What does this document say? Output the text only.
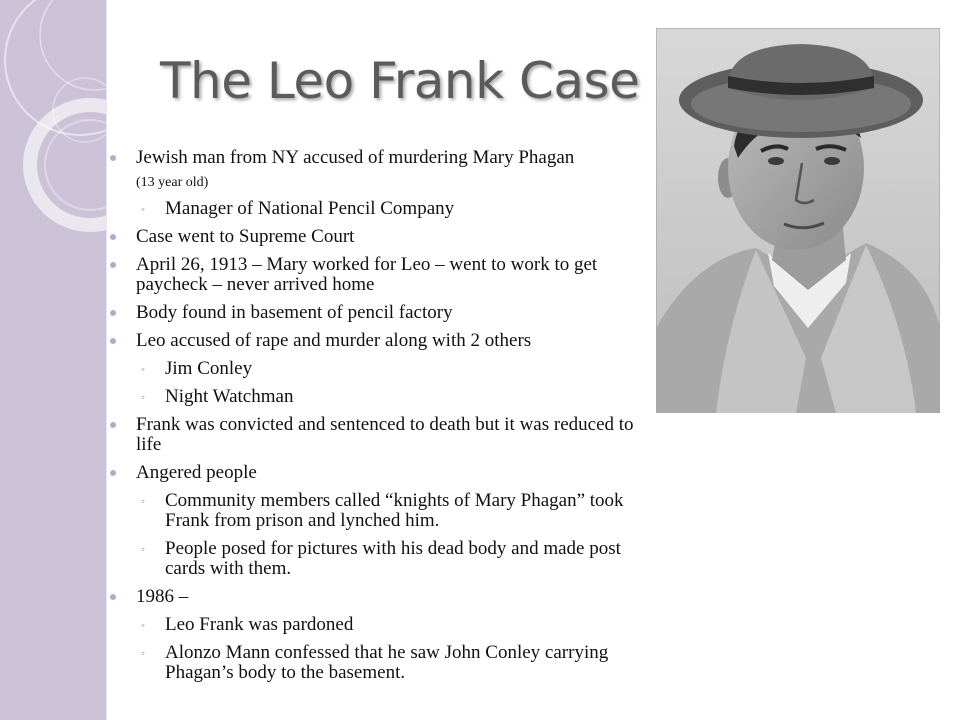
The Leo Frank Case
Jewish man from NY accused of murdering Mary Phagan
(13 year old)
◦ Manager of National Pencil Company
Case went to Supreme Court
April 26, 1913 – Mary worked for Leo – went to work to get paycheck – never arrived home
Body found in basement of pencil factory
Leo accused of rape and murder along with 2 others
◦ Jim Conley
◦ Night Watchman
Frank was convicted and sentenced to death but it was reduced to life
Angered people
◦ Community members called “knights of Mary Phagan” took Frank from prison and lynched him.
◦ People posed for pictures with his dead body and made post cards with them.
1986 –
◦ Leo Frank was pardoned
◦ Alonzo Mann confessed that he saw John Conley carrying Phagan’s body to the basement.
